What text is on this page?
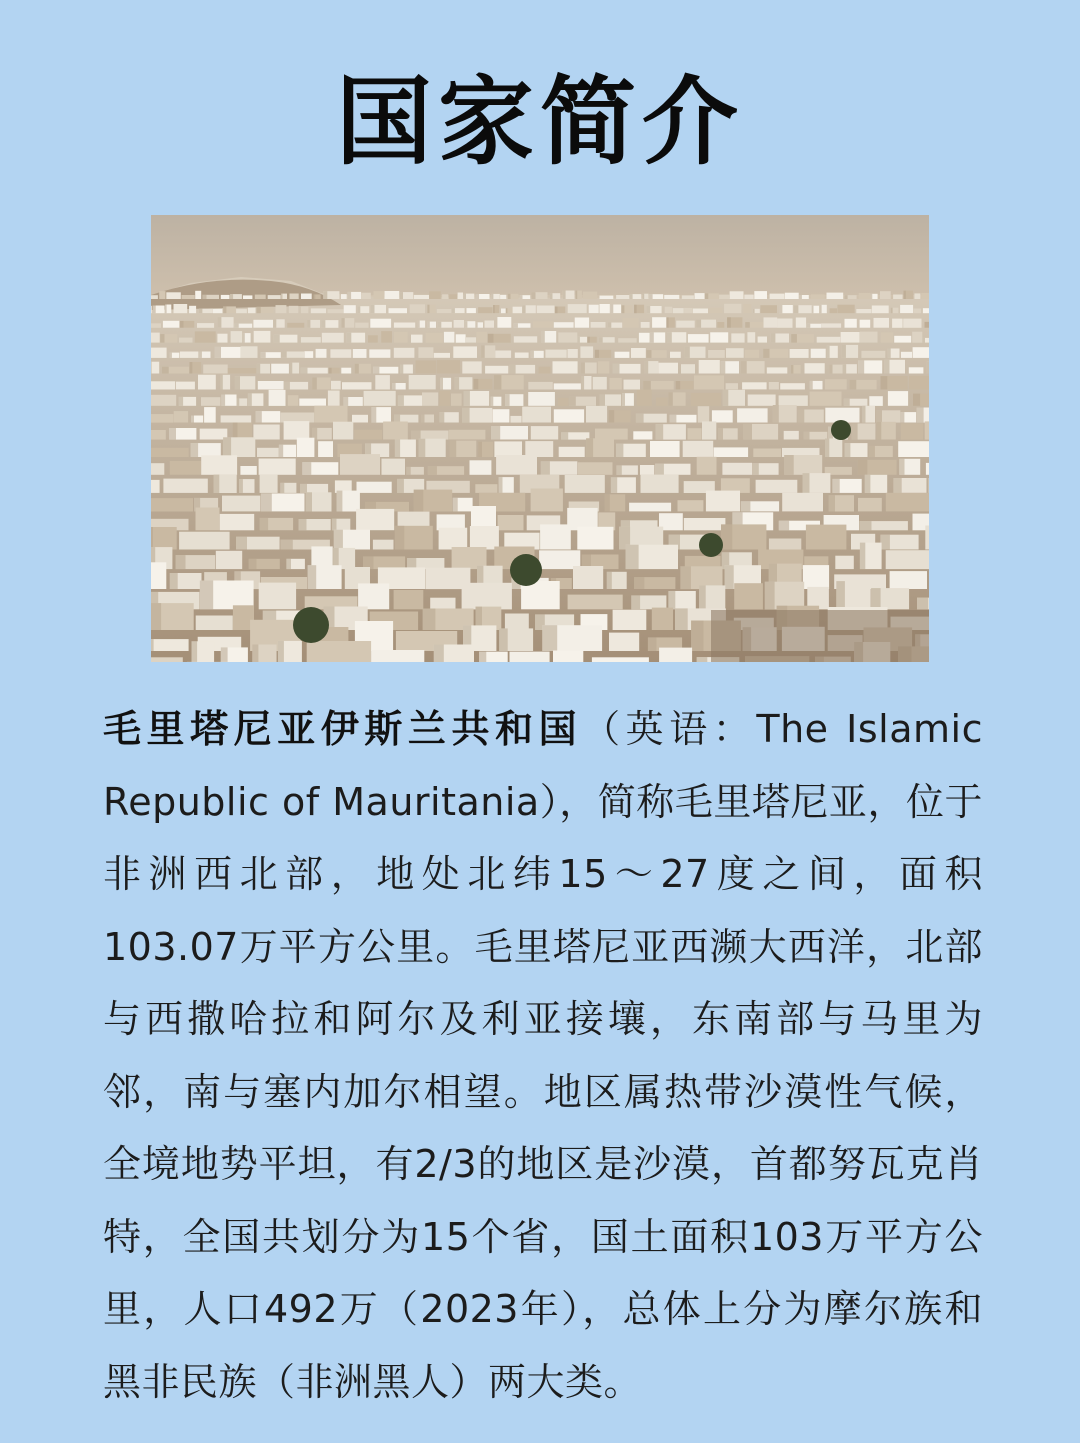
国家简介

毛里塔尼亚伊斯兰共和国（英语：The Islamic Republic of Mauritania），简称毛里塔尼亚，位于非洲西北部，地处北纬15～27度之间，面积103.07万平方公里。毛里塔尼亚西濒大西洋，北部与西撒哈拉和阿尔及利亚接壤，东南部与马里为邻，南与塞内加尔相望。地区属热带沙漠性气候，全境地势平坦，有2/3的地区是沙漠，首都努瓦克肖特，全国共划分为15个省，国土面积103万平方公里，人口492万（2023年），总体上分为摩尔族和黑非民族（非洲黑人）两大类。
